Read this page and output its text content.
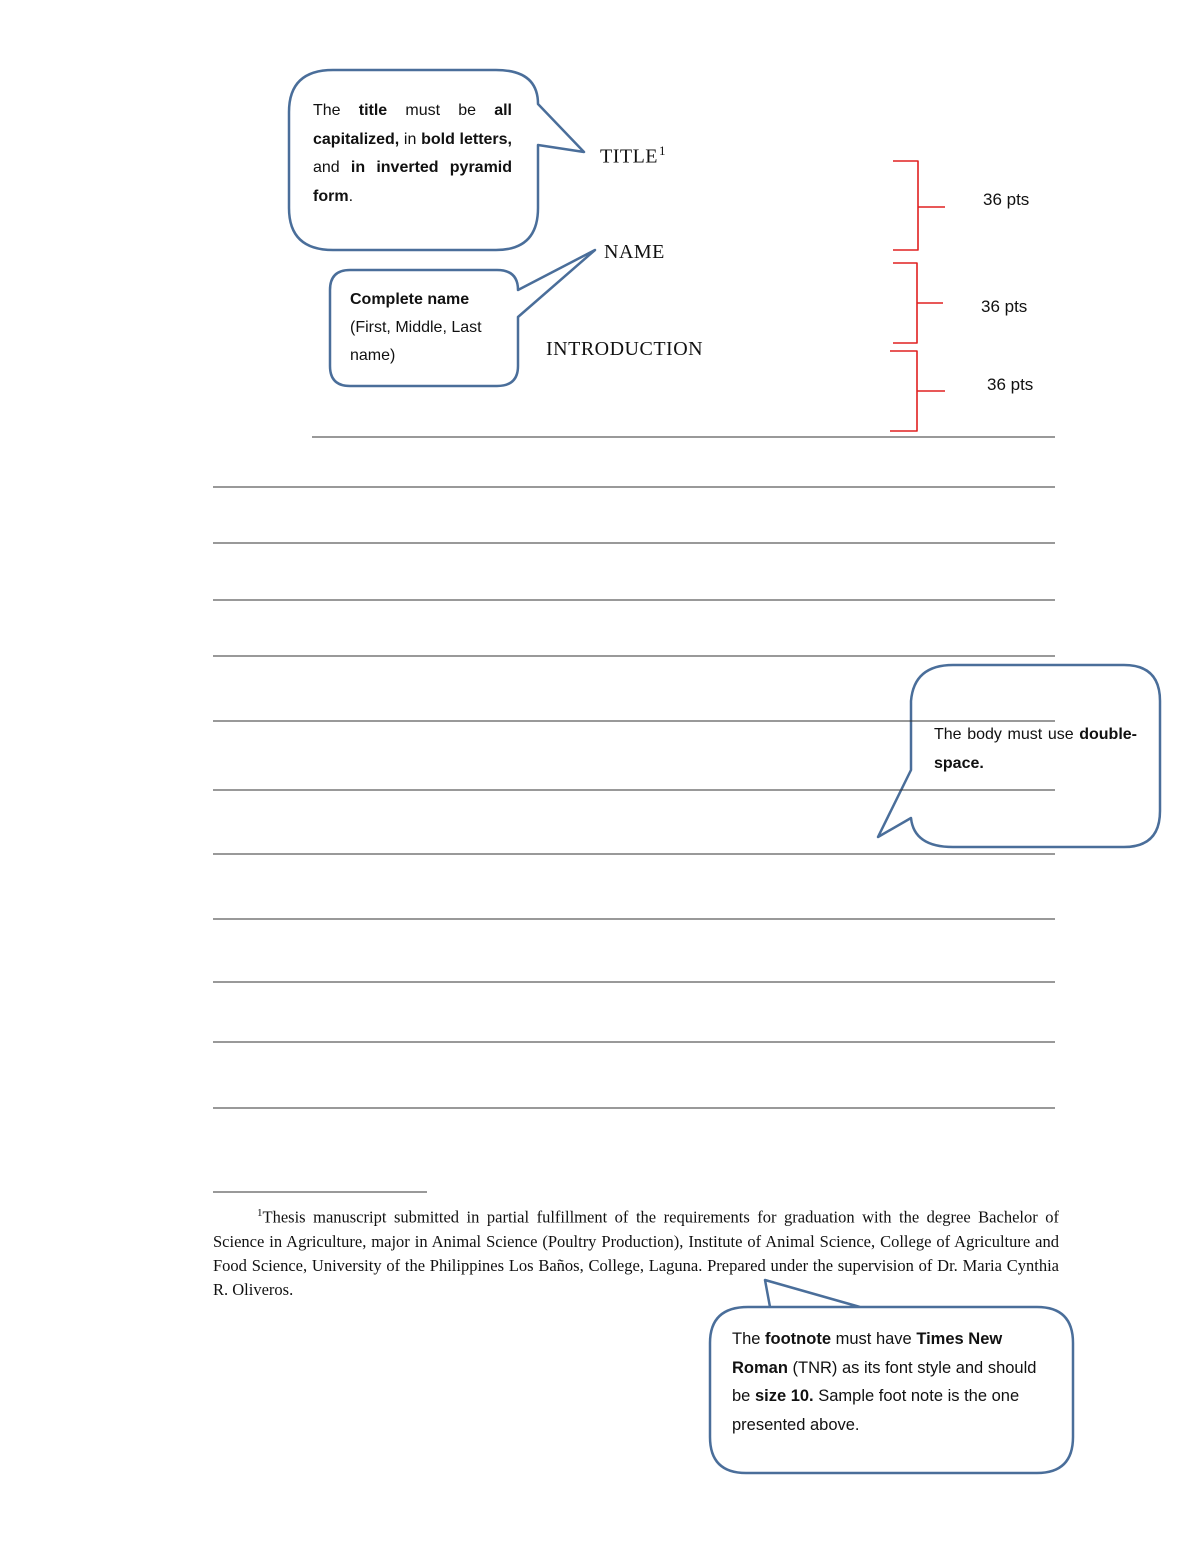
TITLE$^1$
NAME
INTRODUCTION
36 pts
36 pts
36 pts
The title must be all capitalized, in bold letters, and in inverted pyramid form.
Complete name
(First, Middle, Last name)
The body must use double-space.
$^1$Thesis manuscript submitted in partial fulfillment of the requirements for graduation with the degree Bachelor of Science in Agriculture, major in Animal Science (Poultry Production), Institute of Animal Science, College of Agriculture and Food Science, University of the Philippines Los Baños, College, Laguna. Prepared under the supervision of Dr. Maria Cynthia R. Oliveros.
The footnote must have Times New Roman (TNR) as its font style and should be size 10. Sample foot note is the one presented above.
